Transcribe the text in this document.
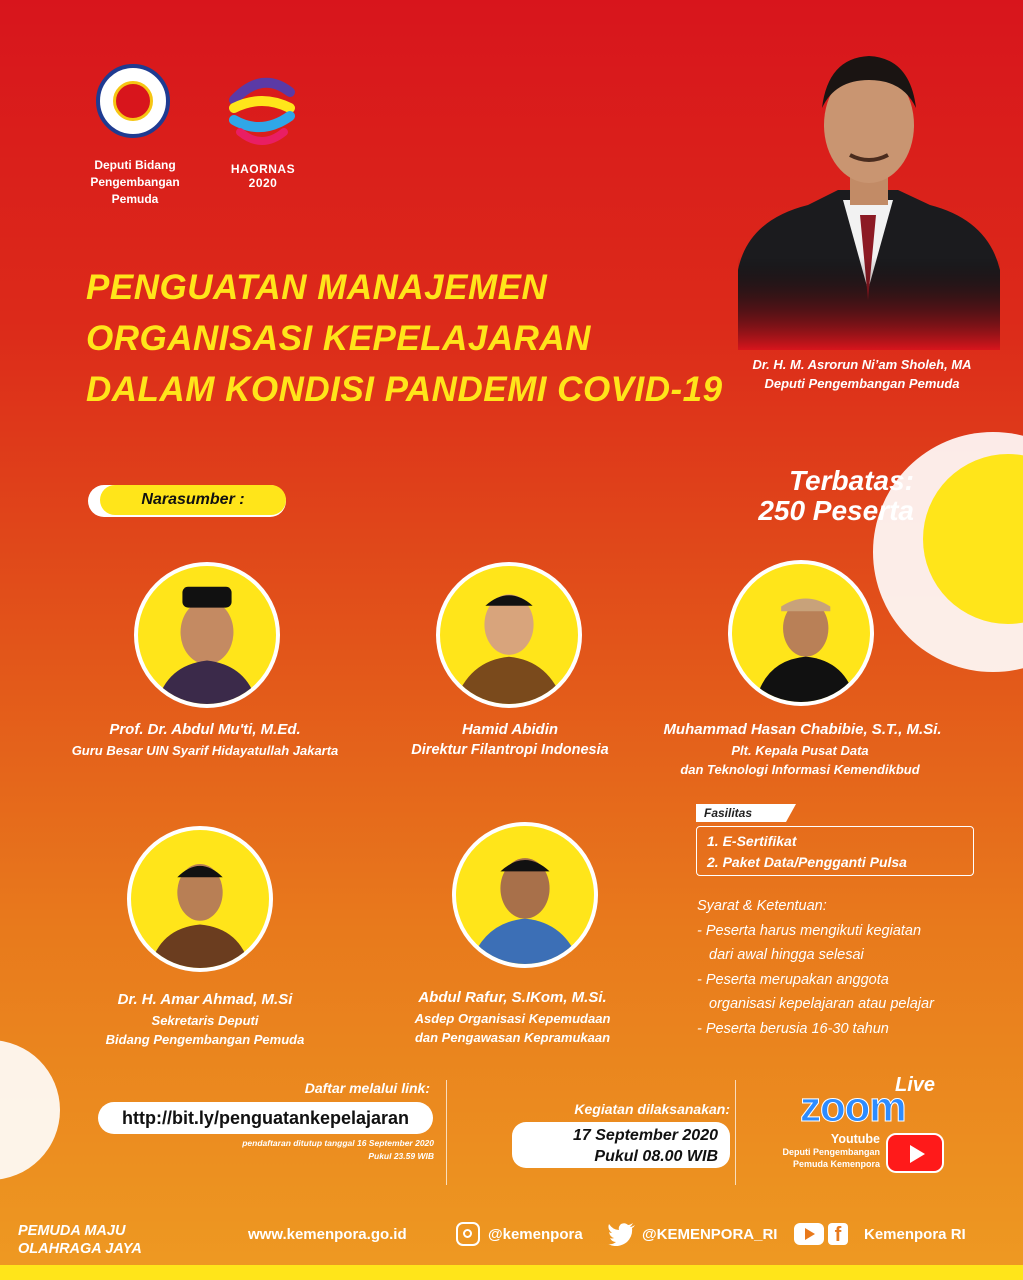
Deputi Bidang Pengembangan Pemuda
HAORNAS
2020
PENGUATAN MANAJEMEN
ORGANISASI KEPELAJARAN
DALAM KONDISI PANDEMI COVID-19
Dr. H. M. Asrorun Ni’am Sholeh, MA
Deputi Pengembangan Pemuda
Terbatas:
250 Peserta
Narasumber :
Prof. Dr. Abdul Mu'ti, M.Ed.
Guru Besar UIN Syarif Hidayatullah Jakarta
Hamid Abidin
Direktur Filantropi Indonesia
Muhammad Hasan Chabibie, S.T., M.Si.
Plt. Kepala Pusat Data
dan Teknologi Informasi Kemendikbud
Dr. H. Amar Ahmad, M.Si
Sekretaris Deputi
Bidang Pengembangan Pemuda
Abdul Rafur, S.IKom, M.Si.
Asdep Organisasi Kepemudaan
dan Pengawasan Kepramukaan
Fasilitas
1. E-Sertifikat
2. Paket Data/Pengganti Pulsa
Syarat & Ketentuan:
- Peserta harus mengikuti kegiatan
dari awal hingga selesai
- Peserta merupakan anggota
organisasi kepelajaran atau pelajar
- Peserta berusia 16-30 tahun
Daftar melalui link:
http://bit.ly/penguatankepelajaran
pendaftaran ditutup tanggal 16 September 2020
Pukul 23.59 WIB
Kegiatan dilaksanakan:
17 September 2020
Pukul 08.00 WIB
Live
zoom
Youtube
Deputi Pengembangan
Pemuda Kemenpora
PEMUDA MAJU
OLAHRAGA JAYA
www.kemenpora.go.id	@kemenpora	@KEMENPORA_RI	f	Kemenpora RI
